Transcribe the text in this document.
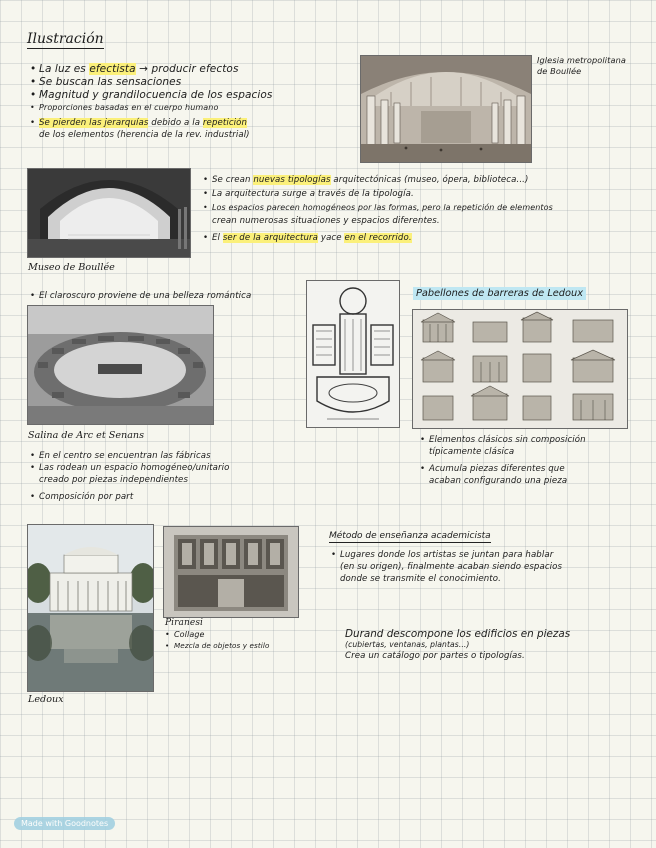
Ilustración
• La luz es efectista → producir efectos
• Se buscan las sensaciones
• Magnitud y grandilocuencia de los espacios
• Proporciones basadas en el cuerpo humano
• Se pierden las jerarquías debido a la repetición
de los elementos (herencia de la rev. industrial)
Iglesia metropolitana
de Boullée
Museo de Boullée
• Se crean nuevas tipologías arquitectónicas (museo, ópera, biblioteca...)
• La arquitectura surge a través de la tipología.
• Los espacios parecen homogéneos por las formas, pero la repetición de elementos
crean numerosas situaciones y espacios diferentes.
• El ser de la arquitectura yace en el recorrido.
• El claroscuro proviene de una belleza romántica
Salina de Arc et Senans
• En el centro se encuentran las fábricas
• Las rodean un espacio homogéneo/unitario
creado por piezas independientes
• Composición por part
Pabellones de barreras de Ledoux
• Elementos clásicos sin composición
típicamente clásica
• Acumula piezas diferentes que
acaban configurando una pieza
Ledoux
Piranesi
• Collage
• Mezcla de objetos y estilo
Método de enseñanza academicista
• Lugares donde los artistas se juntan para hablar
(en su origen), finalmente acaban siendo espacios
donde se transmite el conocimiento.
Durand descompone los edificios en piezas
(cubiertas, ventanas, plantas...)
Crea un catálogo por partes o tipologías.
Made with Goodnotes
